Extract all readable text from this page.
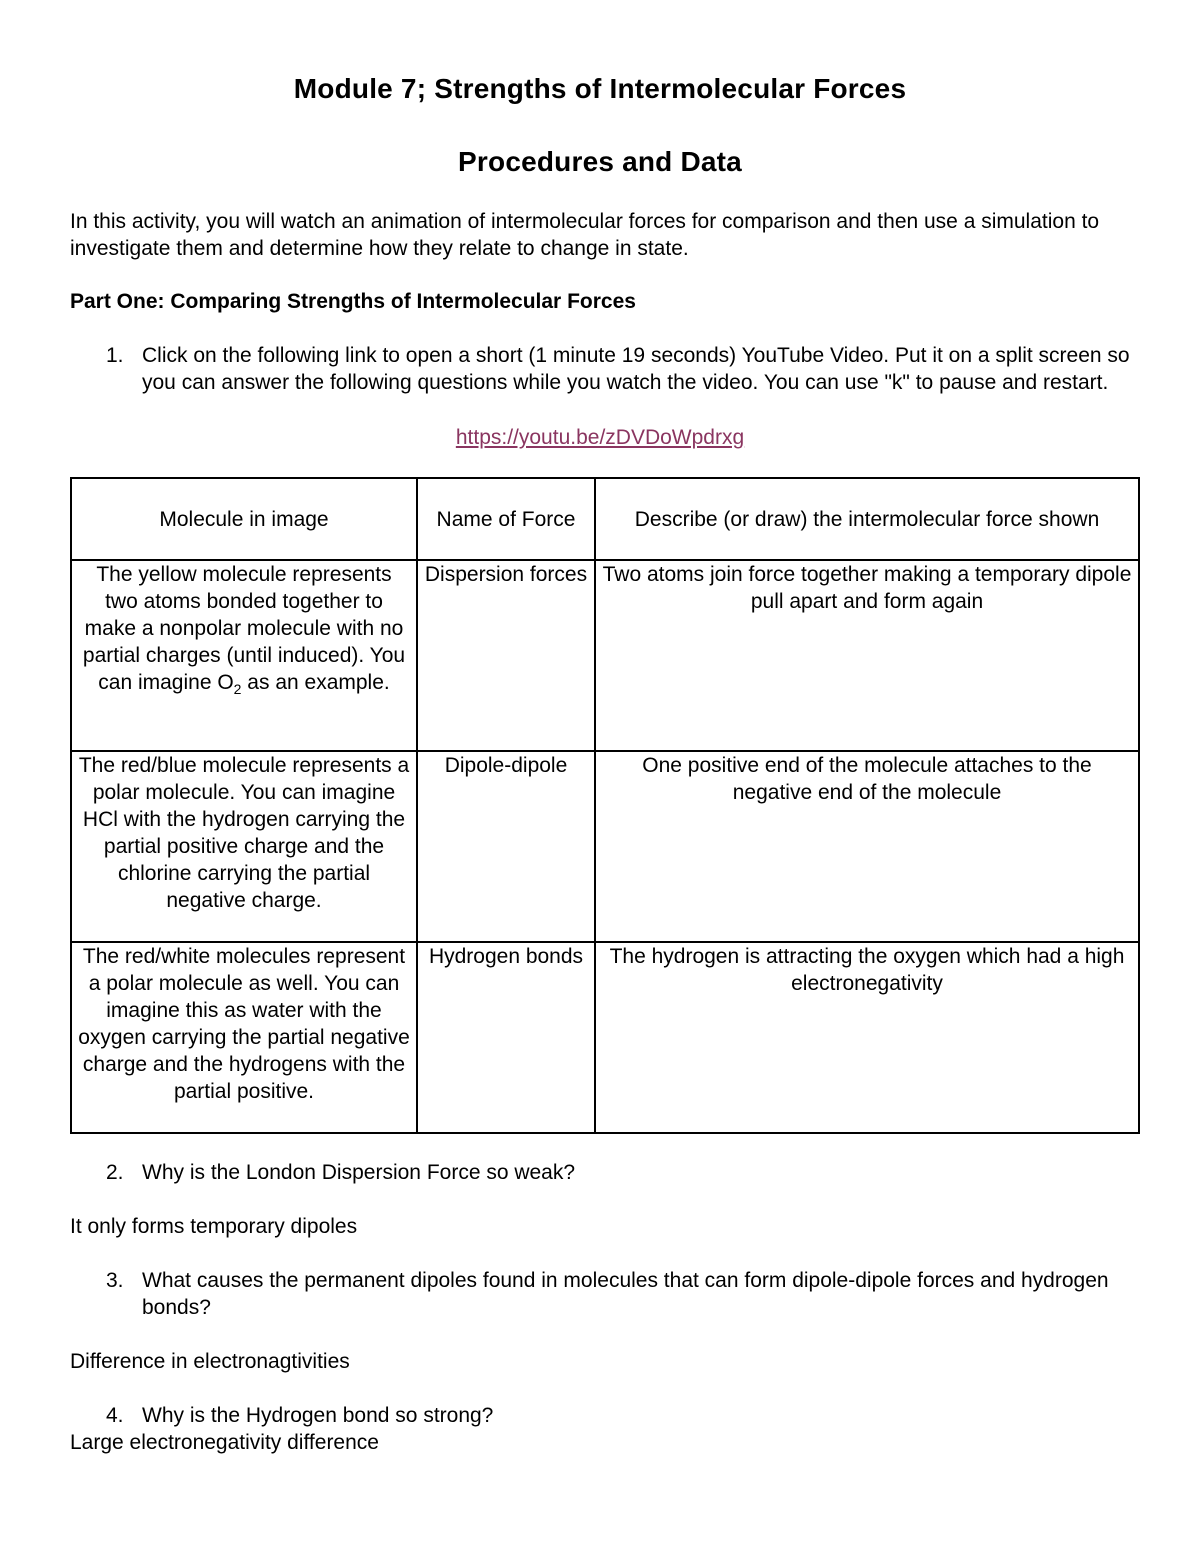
Module 7; Strengths of Intermolecular Forces
Procedures and Data
In this activity, you will watch an animation of intermolecular forces for comparison and then use a simulation to investigate them and determine how they relate to change in state.
Part One: Comparing Strengths of Intermolecular Forces
1. Click on the following link to open a short (1 minute 19 seconds) YouTube Video. Put it on a split screen so you can answer the following questions while you watch the video. You can use "k" to pause and restart.
https://youtu.be/zDVDoWpdrxg
Molecule in image	Name of Force	Describe (or draw) the intermolecular force shown
The yellow molecule represents two atoms bonded together to make a nonpolar molecule with no partial charges (until induced). You can imagine $O_2$ as an example.	Dispersion forces	Two atoms join force together making a temporary dipole pull apart and form again
The red/blue molecule represents a polar molecule. You can imagine HCl with the hydrogen carrying the partial positive charge and the chlorine carrying the partial negative charge.	Dipole-dipole	One positive end of the molecule attaches to the negative end of the molecule
The red/white molecules represent a polar molecule as well. You can imagine this as water with the oxygen carrying the partial negative charge and the hydrogens with the partial positive.	Hydrogen bonds	The hydrogen is attracting the oxygen which had a high electronegativity
2. Why is the London Dispersion Force so weak?
It only forms temporary dipoles
3. What causes the permanent dipoles found in molecules that can form dipole-dipole forces and hydrogen bonds?
Difference in electronagtivities
4. Why is the Hydrogen bond so strong?
Large electronegativity difference
